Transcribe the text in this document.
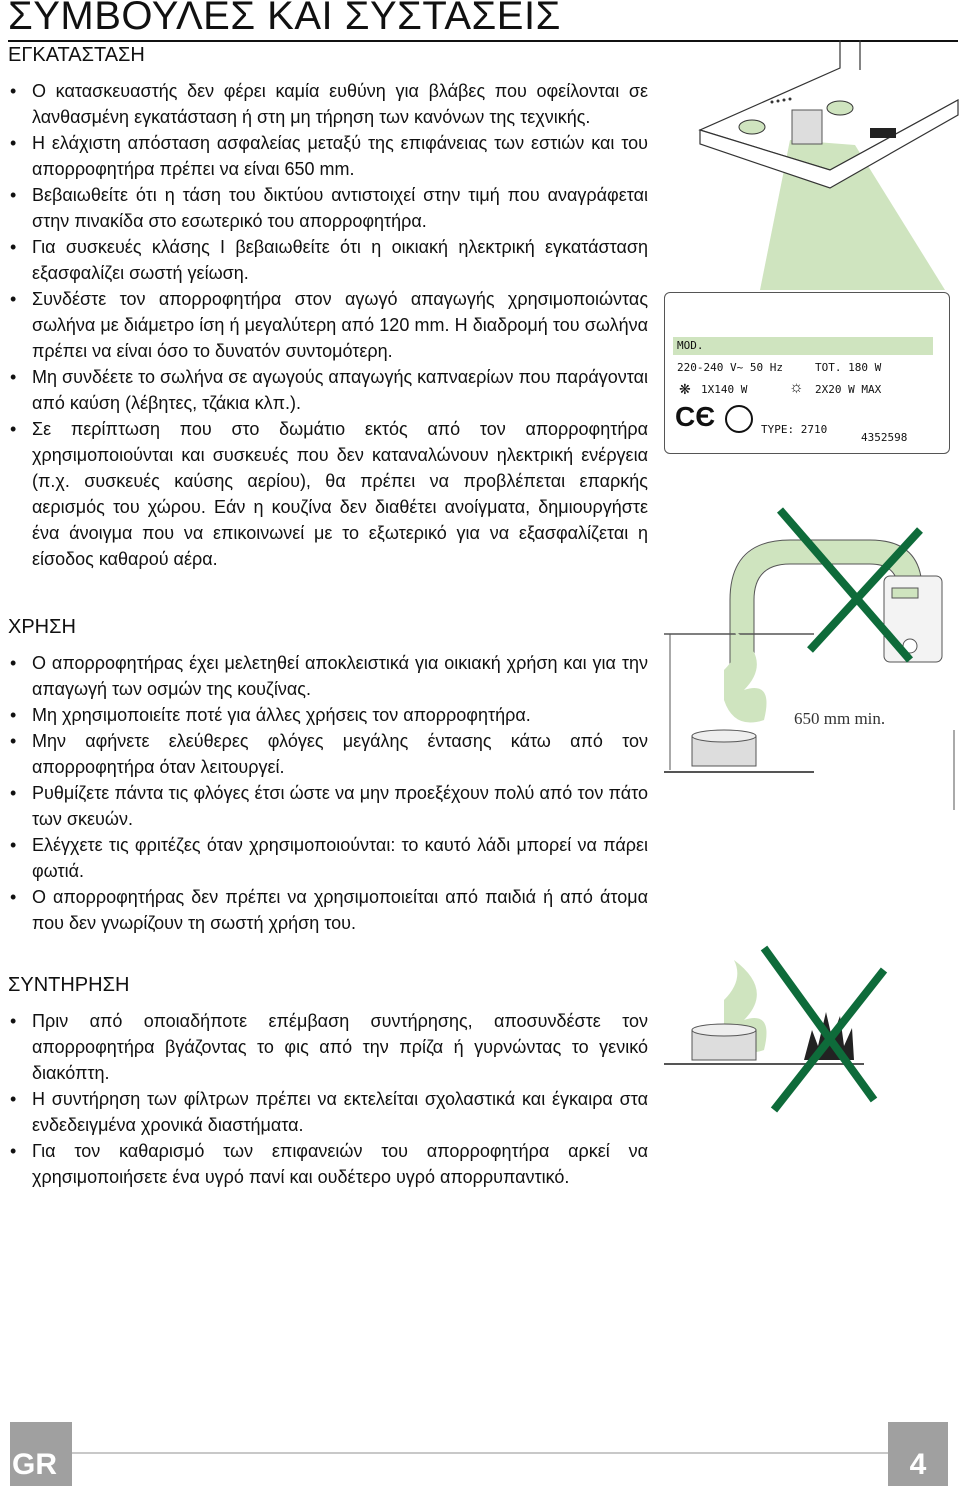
ΣΥΜΒΟΥΛΕΣ ΚΑΙ ΣΥΣΤΑΣΕΙΣ
ΕΓΚΑΤΑΣΤΑΣΗ
• Ο κατασκευαστής δεν φέρει καμία ευθύνη για βλάβες που οφείλονται σε λανθασμένη εγκατάσταση ή στη μη τήρηση των κανόνων της τεχνικής.
• Η ελάχιστη απόσταση ασφαλείας μεταξύ της επιφάνειας των εστιών και του απορροφητήρα πρέπει να είναι 650 mm.
• Βεβαιωθείτε ότι η τάση του δικτύου αντιστοιχεί στην τιμή που αναγράφεται στην πινακίδα στο εσωτερικό του απορροφητήρα.
• Για συσκευές κλάσης Ι βεβαιωθείτε ότι η οικιακή ηλεκτρική εγκατάσταση εξασφαλίζει σωστή γείωση.
• Συνδέστε τον απορροφητήρα στον αγωγό απαγωγής χρησιμοποιώντας σωλήνα με διάμετρο ίση ή μεγαλύτερη από 120 mm. Η διαδρομή του σωλήνα πρέπει να είναι όσο το δυνατόν συντομότερη.
• Μη συνδέετε το σωλήνα σε αγωγούς απαγωγής καπναερίων που παράγονται από καύση (λέβητες, τζάκια κλπ.).
• Σε περίπτωση που στο δωμάτιο εκτός από τον απορροφητήρα χρησιμοποιούνται και συσκευές που δεν καταναλώνουν ηλεκτρική ενέργεια (π.χ. συσκευές καύσης αερίου), θα πρέπει να προβλέπεται επαρκής αερισμός του χώρου. Εάν η κουζίνα δεν διαθέτει ανοίγματα, δημιουργήστε ένα άνοιγμα που να επικοινωνεί με το εξωτερικό για να εξασφαλίζεται η είσοδος καθαρού αέρα.
ΧΡΗΣΗ
• Ο απορροφητήρας έχει μελετηθεί αποκλειστικά για οικιακή χρήση και για την απαγωγή των οσμών της κουζίνας.
• Μη χρησιμοποιείτε ποτέ για άλλες χρήσεις τον απορροφητήρα.
• Μην αφήνετε ελεύθερες φλόγες μεγάλης έντασης κάτω από τον απορροφητήρα όταν λειτουργεί.
• Ρυθμίζετε πάντα τις φλόγες έτσι ώστε να μην προεξέχουν πολύ από τον πάτο των σκευών.
• Ελέγχετε τις φριτέζες όταν χρησιμοποιούνται: το καυτό λάδι μπορεί να πάρει φωτιά.
• Ο απορροφητήρας δεν πρέπει να χρησιμοποιείται από παιδιά ή από άτομα που δεν γνωρίζουν τη σωστή χρήση του.
ΣΥΝΤΗΡΗΣΗ
• Πριν από οποιαδήποτε επέμβαση συντήρησης, αποσυνδέστε τον απορροφητήρα βγάζοντας το φις από την πρίζα ή γυρνώντας το γενικό διακόπτη.
• Η συντήρηση των φίλτρων πρέπει να εκτελείται σχολαστικά και έγκαιρα στα ενδεδειγμένα χρονικά διαστήματα.
• Για τον καθαρισμό των επιφανειών του απορροφητήρα αρκεί να χρησιμοποιήσετε ένα υγρό πανί και ουδέτερο υγρό απορρυπαντικό.
MOD.
220-240 V~ 50 Hz	TOT. 180 W
❋ 1X140 W	☼ 2X20 W MAX
CЄ	TYPE: 2710
4352598
650 mm min.
GR	4
